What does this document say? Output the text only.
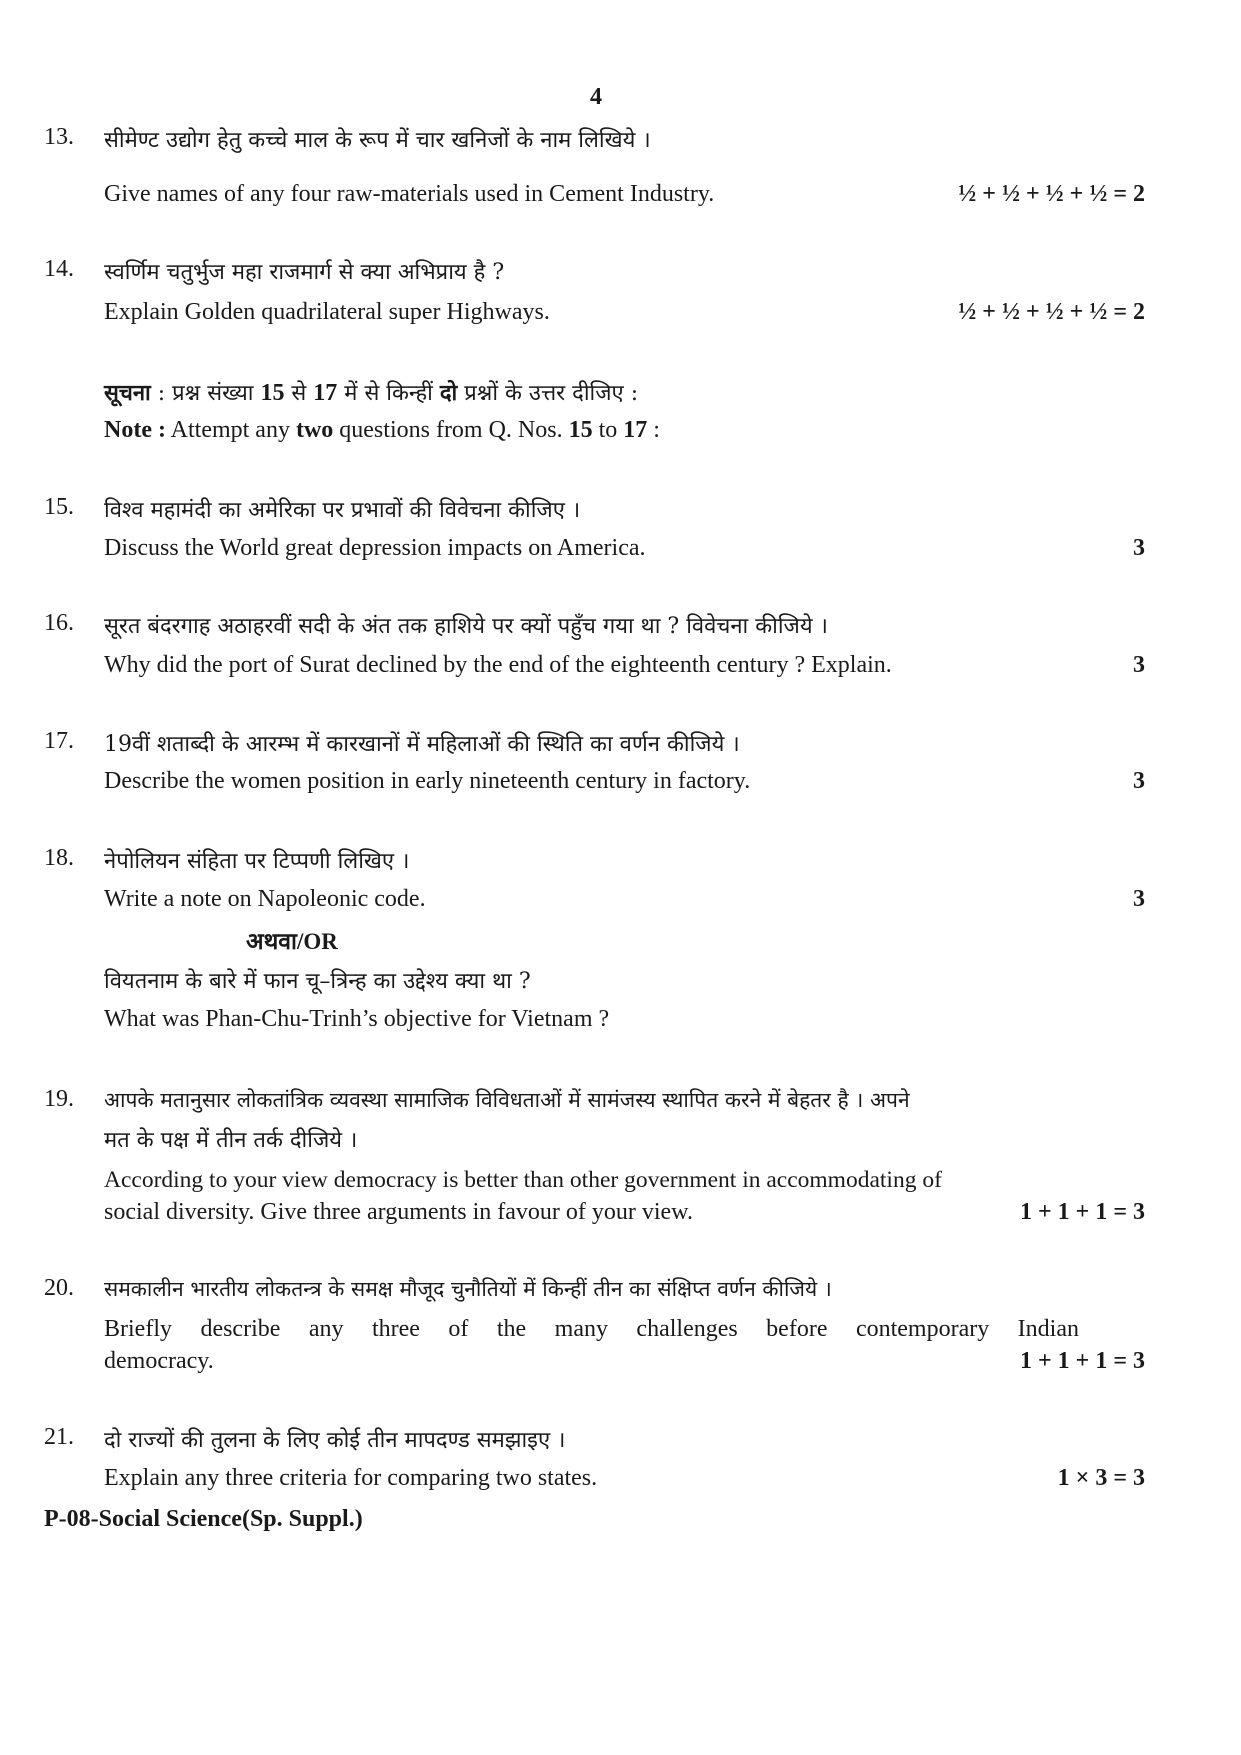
4
13. सीमेण्ट उद्योग हेतु कच्चे माल के रूप में चार खनिजों के नाम लिखिये ।
Give names of any four raw-materials used in Cement Industry.	½ + ½ + ½ + ½ = 2
14. स्वर्णिम चतुर्भुज महा राजमार्ग से क्या अभिप्राय है ?
Explain Golden quadrilateral super Highways.	½ + ½ + ½ + ½ = 2
सूचना : प्रश्न संख्या 15 से 17 में से किन्हीं दो प्रश्नों के उत्तर दीजिए :
Note : Attempt any two questions from Q. Nos. 15 to 17 :
15. विश्व महामंदी का अमेरिका पर प्रभावों की विवेचना कीजिए ।
Discuss the World great depression impacts on America.	3
16. सूरत बंदरगाह अठाहरवीं सदी के अंत तक हाशिये पर क्यों पहुँच गया था ? विवेचना कीजिये ।
Why did the port of Surat declined by the end of the eighteenth century ? Explain.	3
17. 19वीं शताब्दी के आरम्भ में कारखानों में महिलाओं की स्थिति का वर्णन कीजिये ।
Describe the women position in early nineteenth century in factory.	3
18. नेपोलियन संहिता पर टिप्पणी लिखिए ।
Write a note on Napoleonic code.	3
अथवा/OR
वियतनाम के बारे में फान चू–त्रिन्ह का उद्देश्य क्या था ?
What was Phan-Chu-Trinh’s objective for Vietnam ?
19. आपके मतानुसार लोकतांत्रिक व्यवस्था सामाजिक विविधताओं में सामंजस्य स्थापित करने में बेहतर है । अपने
मत के पक्ष में तीन तर्क दीजिये ।
According to your view democracy is better than other government in accommodating of
social diversity. Give three arguments in favour of your view.	1 + 1 + 1 = 3
20. समकालीन भारतीय लोकतन्त्र के समक्ष मौजूद चुनौतियों में किन्हीं तीन का संक्षिप्त वर्णन कीजिये ।
Briefly describe any three of the many challenges before contemporary Indian
democracy.	1 + 1 + 1 = 3
21. दो राज्यों की तुलना के लिए कोई तीन मापदण्ड समझाइए ।
Explain any three criteria for comparing two states.	1 × 3 = 3
P-08-Social Science(Sp. Suppl.)
